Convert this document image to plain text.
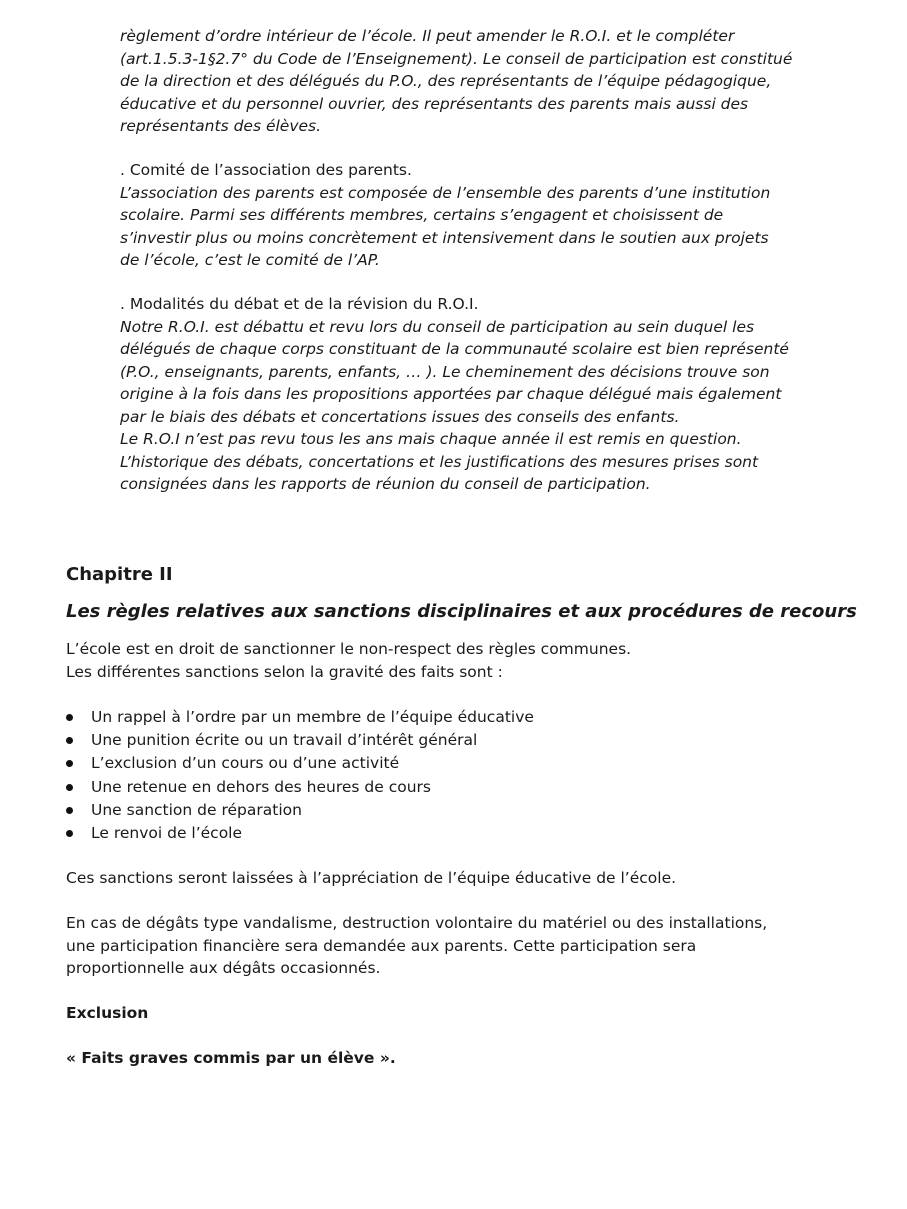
règlement d’ordre intérieur de l’école. Il peut amender le R.O.I. et le compléter
(art.1.5.3-1§2.7° du Code de l’Enseignement). Le conseil de participation est constitué
de la direction et des délégués du P.O., des représentants de l’équipe pédagogique,
éducative et du personnel ouvrier, des représentants des parents mais aussi des
représentants des élèves.
. Comité de l’association des parents.
L’association des parents est composée de l’ensemble des parents d’une institution
scolaire. Parmi ses différents membres, certains s’engagent et choisissent de
s’investir plus ou moins concrètement et intensivement dans le soutien aux projets
de l’école, c’est le comité de l’AP.
. Modalités du débat et de la révision du R.O.I.
Notre R.O.I. est débattu et revu lors du conseil de participation au sein duquel les
délégués de chaque corps constituant de la communauté scolaire est bien représenté
(P.O., enseignants, parents, enfants, … ). Le cheminement des décisions trouve son
origine à la fois dans les propositions apportées par chaque délégué mais également
par le biais des débats et concertations issues des conseils des enfants.
Le R.O.I n’est pas revu tous les ans mais chaque année il est remis en question.
L’historique des débats, concertations et les justifications des mesures prises sont
consignées dans les rapports de réunion du conseil de participation.
Chapitre II
Les règles relatives aux sanctions disciplinaires et aux procédures de recours
L’école est en droit de sanctionner le non-respect des règles communes.
Les différentes sanctions selon la gravité des faits sont :
Un rappel à l’ordre par un membre de l’équipe éducative
Une punition écrite ou un travail d’intérêt général
L’exclusion d’un cours ou d’une activité
Une retenue en dehors des heures de cours
Une sanction de réparation
Le renvoi de l’école
Ces sanctions seront laissées à l’appréciation de l’équipe éducative de l’école.
En cas de dégâts type vandalisme, destruction volontaire du matériel ou des installations,
une participation financière sera demandée aux parents. Cette participation sera
proportionnelle aux dégâts occasionnés.
Exclusion
« Faits graves commis par un élève ».
